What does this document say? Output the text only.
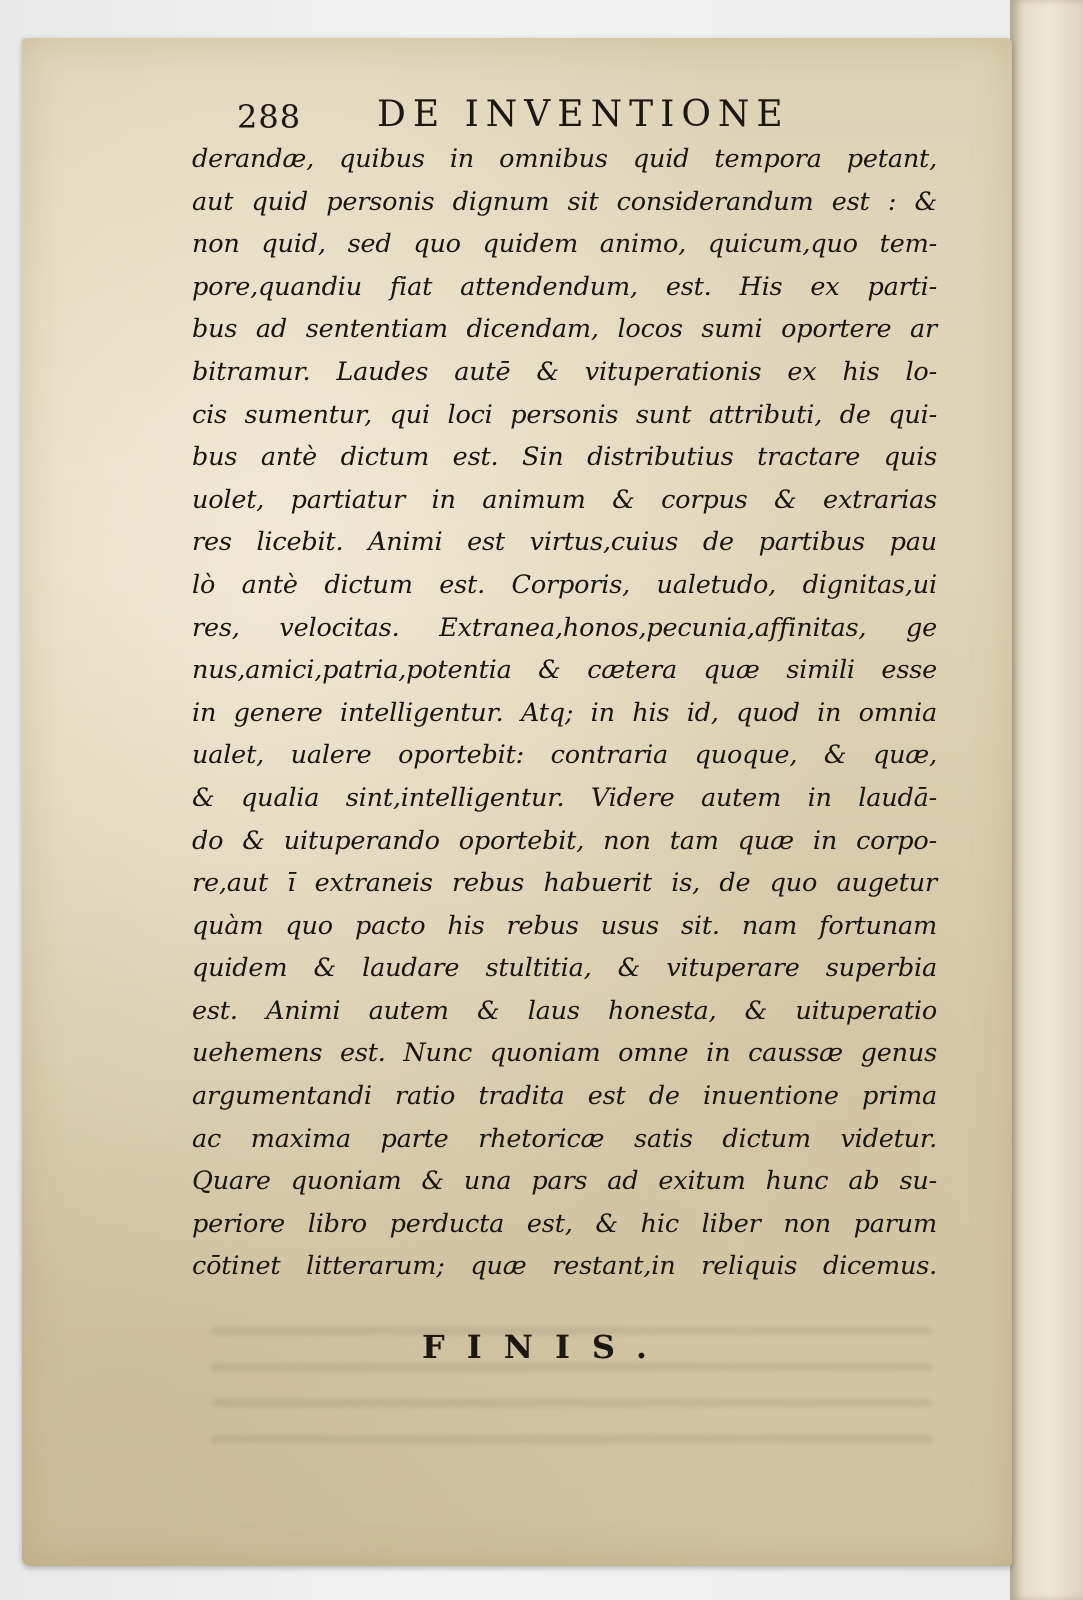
288 DE INVENTIONE
derandæ, quibus in omnibus quid tempora petant,
aut quid personis dignum sit considerandum est : &
non quid, sed quo quidem animo, quicum,quo tem-
pore,quandiu fiat attendendum, est. His ex parti-
bus ad sententiam dicendam, locos sumi oportere ar
bitramur. Laudes autē & vituperationis ex his lo-
cis sumentur, qui loci personis sunt attributi, de qui-
bus antè dictum est. Sin distributius tractare quis
uolet, partiatur in animum & corpus & extrarias
res licebit. Animi est virtus,cuius de partibus pau
lò antè dictum est. Corporis, ualetudo, dignitas,ui
res, velocitas. Extranea,honos,pecunia,affinitas, ge
nus,amici,patria,potentia & cætera quæ simili esse
in genere intelligentur. Atq; in his id, quod in omnia
ualet, ualere oportebit: contraria quoque, & quæ,
& qualia sint,intelligentur. Videre autem in laudā-
do & uituperando oportebit, non tam quæ in corpo-
re,aut ī extraneis rebus habuerit is, de quo augetur
quàm quo pacto his rebus usus sit. nam fortunam
quidem & laudare stultitia, & vituperare superbia
est. Animi autem & laus honesta, & uituperatio
uehemens est. Nunc quoniam omne in caussæ genus
argumentandi ratio tradita est de inuentione prima
ac maxima parte rhetoricæ satis dictum videtur.
Quare quoniam & una pars ad exitum hunc ab su-
periore libro perducta est, & hic liber non parum
cōtinet litterarum; quæ restant,in reliquis dicemus.
FINIS.
